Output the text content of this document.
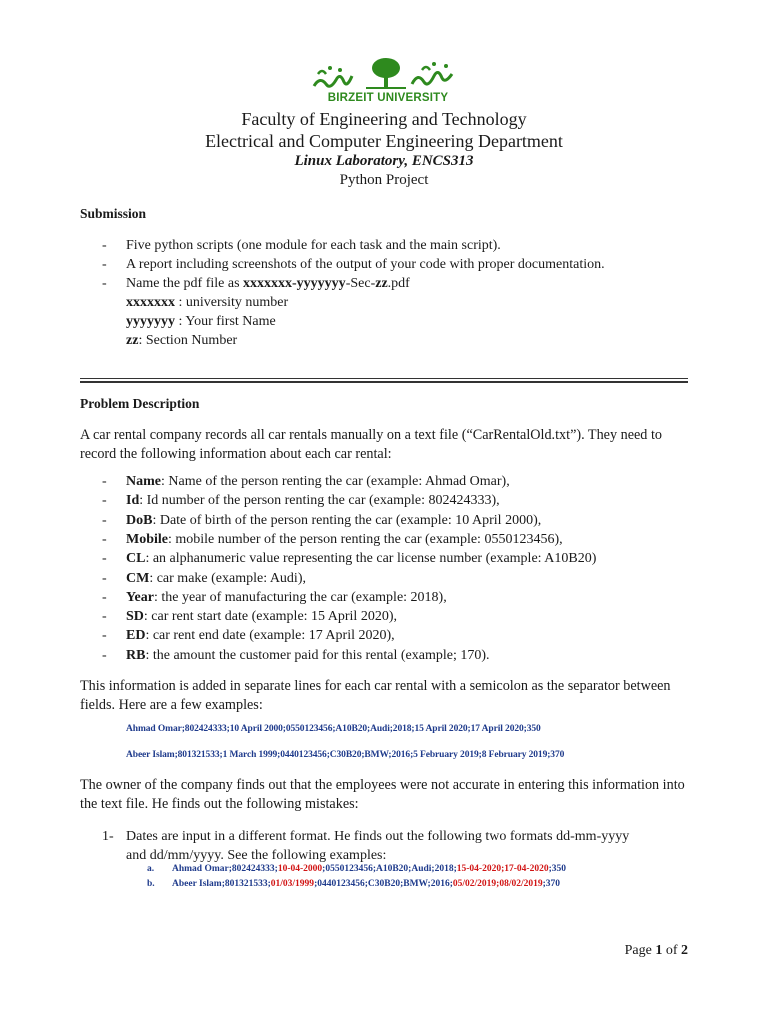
BIRZEIT UNIVERSITY
Faculty of Engineering and Technology
Electrical and Computer Engineering Department
Linux Laboratory, ENCS313
Python Project
Submission
- Five python scripts (one module for each task and the main script).
- A report including screenshots of the output of your code with proper documentation.
- Name the pdf file as xxxxxxx-yyyyyyy-Sec-zz.pdf
xxxxxxx : university number
yyyyyyy : Your first Name
zz: Section Number
Problem Description
A car rental company records all car rentals manually on a text file (“CarRentalOld.txt”). They need to record the following information about each car rental:
- Name: Name of the person renting the car (example: Ahmad Omar),
- Id: Id number of the person renting the car (example: 802424333),
- DoB: Date of birth of the person renting the car (example: 10 April 2000),
- Mobile: mobile number of the person renting the car (example: 0550123456),
- CL: an alphanumeric value representing the car license number (example: A10B20)
- CM: car make (example: Audi),
- Year: the year of manufacturing the car (example: 2018),
- SD: car rent start date (example: 15 April 2020),
- ED: car rent end date (example: 17 April 2020),
- RB: the amount the customer paid for this rental (example; 170).
This information is added in separate lines for each car rental with a semicolon as the separator between fields. Here are a few examples:
Ahmad Omar;802424333;10 April 2000;0550123456;A10B20;Audi;2018;15 April 2020;17 April 2020;350
Abeer Islam;801321533;1 March 1999;0440123456;C30B20;BMW;2016;5 February 2019;8 February 2019;370
The owner of the company finds out that the employees were not accurate in entering this information into the text file. He finds out the following mistakes:
1- Dates are input in a different format. He finds out the following two formats dd-mm-yyyy
and dd/mm/yyyy. See the following examples:
a. Ahmad Omar;802424333;10-04-2000;0550123456;A10B20;Audi;2018;15-04-2020;17-04-2020;350
b. Abeer Islam;801321533;01/03/1999;0440123456;C30B20;BMW;2016;05/02/2019;08/02/2019;370
Page 1 of 2
